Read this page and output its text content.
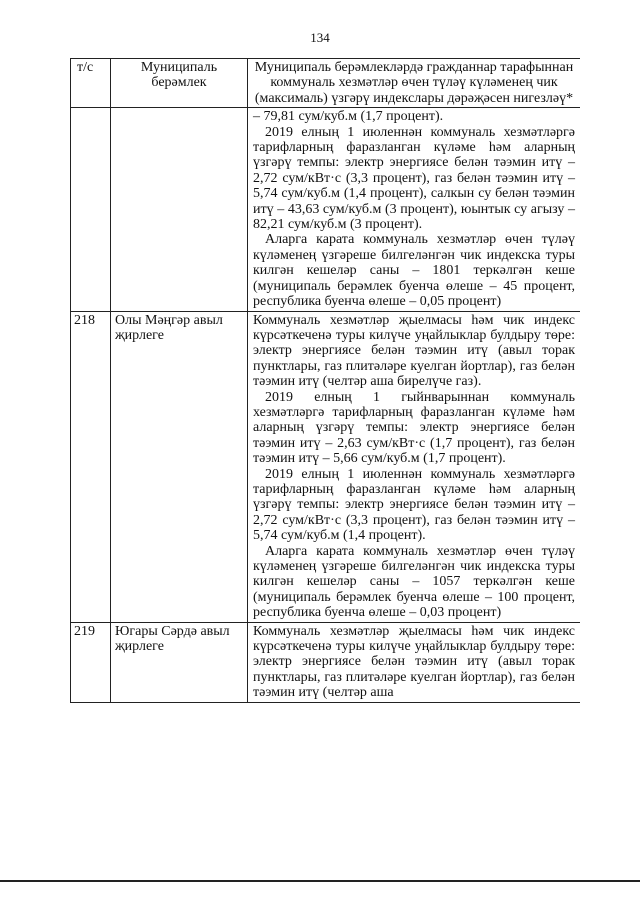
134
т/с	Муниципаль берәмлек	Муниципаль берәмлекләрдә гражданнар тарафыннан коммуналь хезмәтләр өчен түләү күләменең чик (максималь) үзгәрү индекслары дәрәҗәсен нигезләү*

		– 79,81 сум/куб.м (1,7 процент).

2019 елның 1 июленнән коммуналь хезмәтләргә тарифларның фаразланган күләме һәм аларның үзгәрү темпы: электр энергиясе белән тәэмин итү – 2,72 сум/кВт·с (3,3 процент), газ белән тәэмин итү – 5,74 сум/куб.м (1,4 процент), салкын су белән тәэмин итү – 43,63 сум/куб.м (3 процент), юынтык су агызу – 82,21 сум/куб.м (3 процент).

Аларга карата коммуналь хезмәтләр өчен түләү күләменең үзгәреше билгеләнгән чик индекска туры килгән кешеләр саны – 1801 теркәлгән кеше (муниципаль берәмлек буенча өлеше – 45 процент, республика буенча өлеше – 0,05 процент)

218	Олы Мәңгәр авыл җирлеге	Коммуналь хезмәтләр җыелмасы һәм чик индекс күрсәткеченә туры килүче уңайлыклар булдыру төре: электр энергиясе белән тәэмин итү (авыл торак пунктлары, газ плитәләре куелган йортлар), газ белән тәэмин итү (челтәр аша бирелүче газ).

2019 елның 1 гыйнварыннан коммуналь хезмәтләргә тарифларның фаразланган күләме һәм аларның үзгәрү темпы: электр энергиясе белән тәэмин итү – 2,63 сум/кВт·с (1,7 процент), газ белән тәэмин итү – 5,66 сум/куб.м (1,7 процент).

2019 елның 1 июленнән коммуналь хезмәтләргә тарифларның фаразланган күләме һәм аларның үзгәрү темпы: электр энергиясе белән тәэмин итү – 2,72 сум/кВт·с (3,3 процент), газ белән тәэмин итү – 5,74 сум/куб.м (1,4 процент).

Аларга карата коммуналь хезмәтләр өчен түләү күләменең үзгәреше билгеләнгән чик индекска туры килгән кешеләр саны – 1057 теркәлгән кеше (муниципаль берәмлек буенча өлеше – 100 процент, республика буенча өлеше – 0,03 процент)

219	Югары Сәрдә авыл җирлеге	Коммуналь хезмәтләр җыелмасы һәм чик индекс күрсәткеченә туры килүче уңайлыклар булдыру төре: электр энергиясе белән тәэмин итү (авыл торак пунктлары, газ плитәләре куелган йортлар), газ белән тәэмин итү (челтәр аша
